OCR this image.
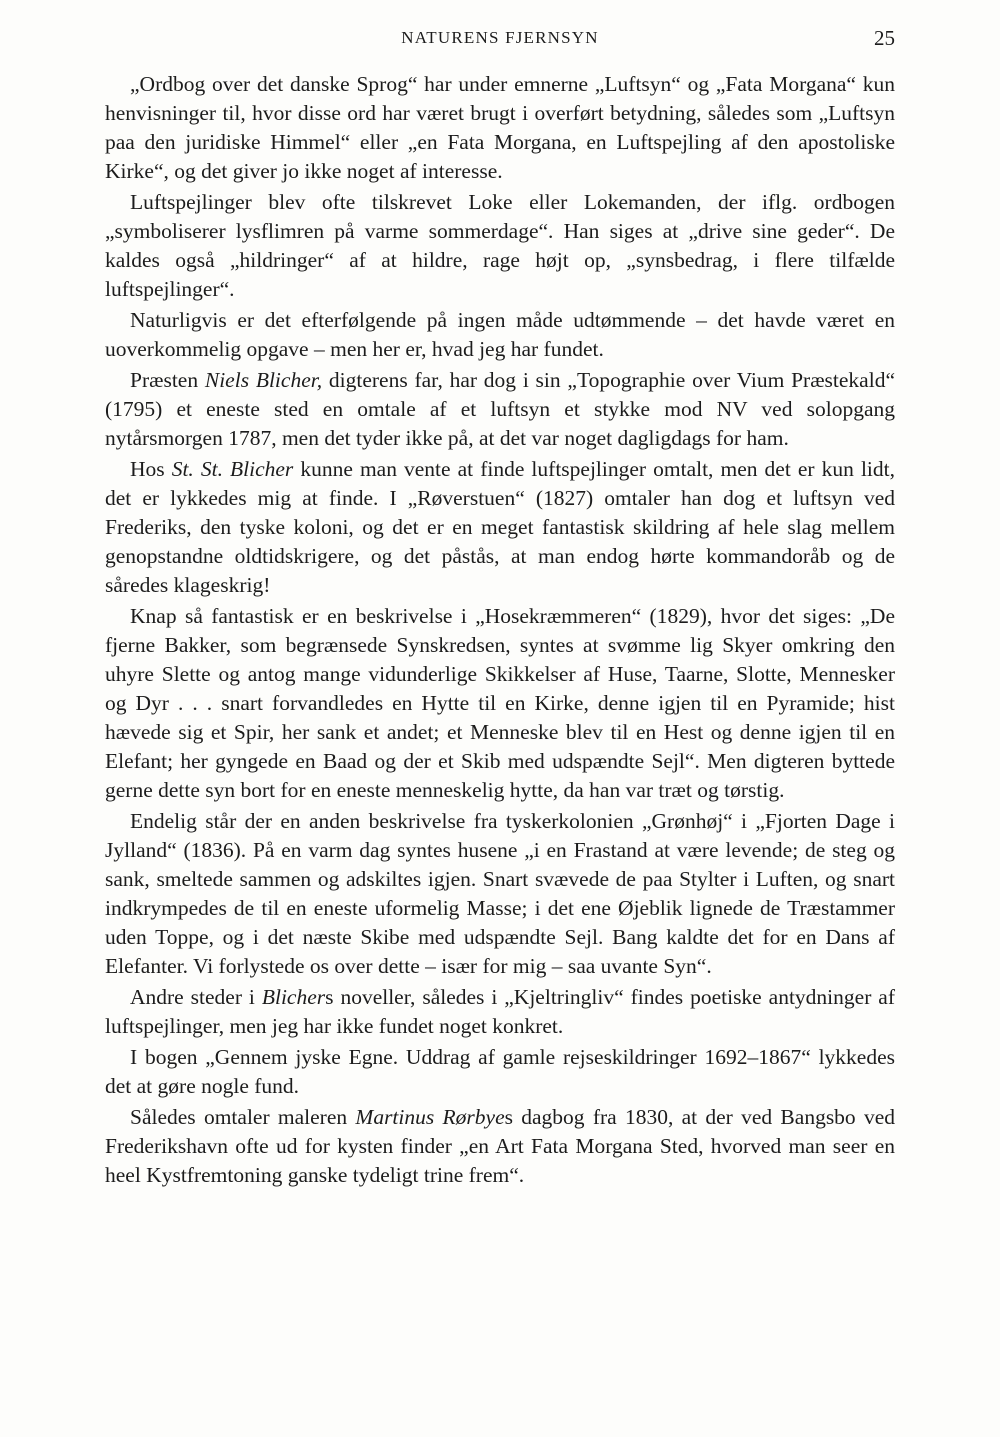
NATURENS FJERNSYN	25

„Ordbog over det danske Sprog“ har under emnerne „Luftsyn“ og „Fata Morgana“ kun henvisninger til, hvor disse ord har været brugt i overført betydning, således som „Luftsyn paa den juridiske Himmel“ eller „en Fata Morgana, en Luftspejling af den apostoliske Kirke“, og det giver jo ikke noget af interesse.

Luftspejlinger blev ofte tilskrevet Loke eller Lokemanden, der iflg. ordbogen „symboliserer lysflimren på varme sommerdage“. Han siges at „drive sine geder“. De kaldes også „hildringer“ af at hildre, rage højt op, „synsbedrag, i flere tilfælde luftspejlinger“.

Naturligvis er det efterfølgende på ingen måde udtømmende – det havde været en uoverkommelig opgave – men her er, hvad jeg har fundet.

Præsten Niels Blicher, digterens far, har dog i sin „Topographie over Vium Præstekald“ (1795) et eneste sted en omtale af et luftsyn et stykke mod NV ved solopgang nytårsmorgen 1787, men det tyder ikke på, at det var noget dagligdags for ham.

Hos St. St. Blicher kunne man vente at finde luftspejlinger omtalt, men det er kun lidt, det er lykkedes mig at finde. I „Røverstuen“ (1827) omtaler han dog et luftsyn ved Frederiks, den tyske koloni, og det er en meget fantastisk skildring af hele slag mellem genopstandne oldtidskrigere, og det påstås, at man endog hørte kommandoråb og de såredes klageskrig!

Knap så fantastisk er en beskrivelse i „Hosekræmmeren“ (1829), hvor det siges: „De fjerne Bakker, som begrænsede Synskredsen, syntes at svømme lig Skyer omkring den uhyre Slette og antog mange vidunderlige Skikkelser af Huse, Taarne, Slotte, Mennesker og Dyr . . . snart forvandledes en Hytte til en Kirke, denne igjen til en Pyramide; hist hævede sig et Spir, her sank et andet; et Menneske blev til en Hest og denne igjen til en Elefant; her gyngede en Baad og der et Skib med udspændte Sejl“. Men digteren byttede gerne dette syn bort for en eneste menneskelig hytte, da han var træt og tørstig.

Endelig står der en anden beskrivelse fra tyskerkolonien „Grønhøj“ i „Fjorten Dage i Jylland“ (1836). På en varm dag syntes husene „i en Frastand at være levende; de steg og sank, smeltede sammen og adskiltes igjen. Snart svævede de paa Stylter i Luften, og snart indkrympedes de til en eneste uformelig Masse; i det ene Øjeblik lignede de Træstammer uden Toppe, og i det næste Skibe med udspændte Sejl. Bang kaldte det for en Dans af Elefanter. Vi forlystede os over dette – især for mig – saa uvante Syn“.

Andre steder i Blichers noveller, således i „Kjeltringliv“ findes poetiske antydninger af luftspejlinger, men jeg har ikke fundet noget konkret.

I bogen „Gennem jyske Egne. Uddrag af gamle rejseskildringer 1692–1867“ lykkedes det at gøre nogle fund.

Således omtaler maleren Martinus Rørbyes dagbog fra 1830, at der ved Bangsbo ved Frederikshavn ofte ud for kysten finder „en Art Fata Morgana Sted, hvorved man seer en heel Kystfremtoning ganske tydeligt trine frem“.
